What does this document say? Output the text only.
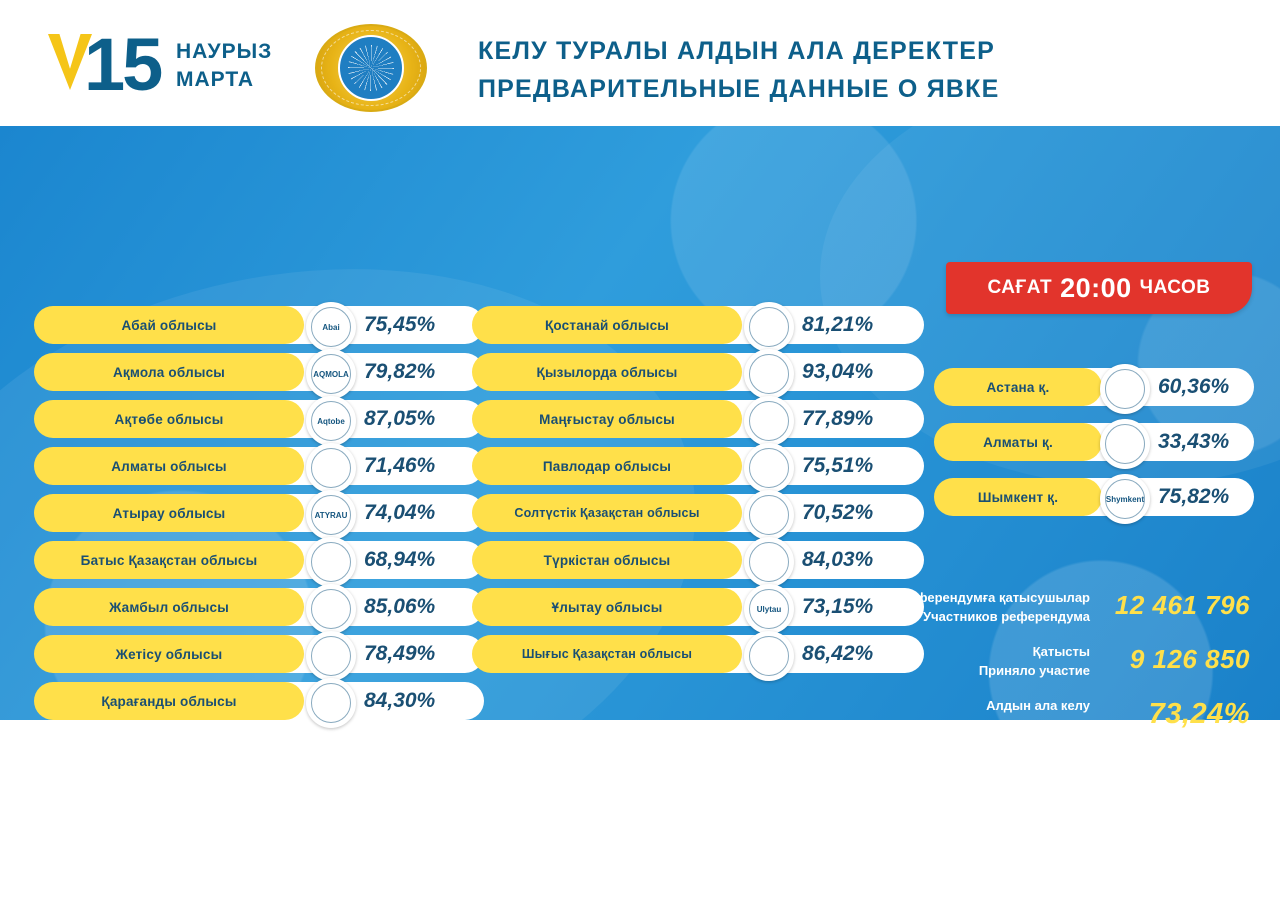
15 НАУРЫЗ
МАРТА
КЕЛУ ТУРАЛЫ АЛДЫН АЛА ДЕРЕКТЕР
ПРЕДВАРИТЕЛЬНЫЕ ДАННЫЕ О ЯВКЕ
САҒАТ 20:00 ЧАСОВ
Абай облысы	Abai 75,45%
Ақмола облысы	AQMOLA 79,82%
Ақтөбе облысы	Aqtobe 87,05%
Алматы облысы	71,46%
Атырау облысы	ATYRAU 74,04%
Батыс Қазақстан облысы	68,94%
Жамбыл облысы	85,06%
Жетісу облысы	78,49%
Қарағанды облысы	84,30%
Қостанай облысы	81,21%
Қызылорда облысы	93,04%
Маңғыстау облысы	77,89%
Павлодар облысы	75,51%
Солтүстік Қазақстан облысы	70,52%
Түркістан облысы	84,03%
Ұлытау облысы	Ulytau 73,15%
Шығыс Қазақстан облысы	86,42%
Астана қ.	60,36%
Алматы қ.	33,43%
Шымкент қ.	Shymkent 75,82%
Референдумға қатысушылар
Участников референдума 12 461 796
Қатысты
Приняло участие	9 126 850
Алдын ала келу
Предварительная явка	73,24%
www.election.gov.kz
